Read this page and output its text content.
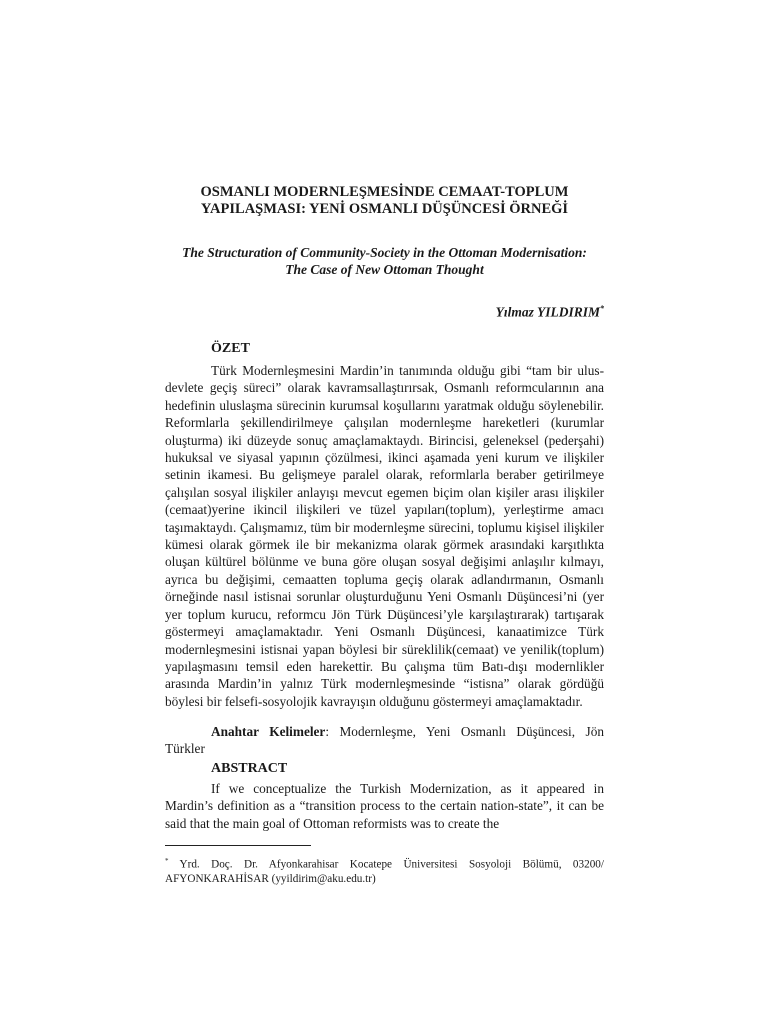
OSMANLI MODERNLEŞMESİNDE CEMAAT-TOPLUM
YAPILAŞMASI: YENİ OSMANLI DÜŞÜNCESİ ÖRNEĞİ
The Structuration of Community-Society in the Ottoman Modernisation:
The Case of New Ottoman Thought
Yılmaz YILDIRIM*
ÖZET
Türk Modernleşmesini Mardin’in tanımında olduğu gibi “tam bir ulus-devlete geçiş süreci” olarak kavramsallaştırırsak, Osmanlı reformcularının ana hedefinin uluslaşma sürecinin kurumsal koşullarını yaratmak olduğu söylenebilir. Reformlarla şekillendirilmeye çalışılan modernleşme hareketleri (kurumlar oluşturma) iki düzeyde sonuç amaçlamaktaydı. Birincisi, geleneksel (pederşahi) hukuksal ve siyasal yapının çözülmesi, ikinci aşamada yeni kurum ve ilişkiler setinin ikamesi. Bu gelişmeye paralel olarak, reformlarla beraber getirilmeye çalışılan sosyal ilişkiler anlayışı mevcut egemen biçim olan kişiler arası ilişkiler (cemaat)yerine ikincil ilişkileri ve tüzel yapıları(toplum), yerleştirme amacı taşımaktaydı. Çalışmamız, tüm bir modernleşme sürecini, toplumu kişisel ilişkiler kümesi olarak görmek ile bir mekanizma olarak görmek arasındaki karşıtlıkta oluşan kültürel bölünme ve buna göre oluşan sosyal değişimi anlaşılır kılmayı, ayrıca bu değişimi, cemaatten topluma geçiş olarak adlandırmanın, Osmanlı örneğinde nasıl istisnai sorunlar oluşturduğunu Yeni Osmanlı Düşüncesi’ni (yer yer toplum kurucu, reformcu Jön Türk Düşüncesi’yle karşılaştırarak) tartışarak göstermeyi amaçlamaktadır. Yeni Osmanlı Düşüncesi, kanaatimizce Türk modernleşmesini istisnai yapan böylesi bir süreklilik(cemaat) ve yenilik(toplum) yapılaşmasını temsil eden harekettir. Bu çalışma tüm Batı-dışı modernlikler arasında Mardin’in yalnız Türk modernleşmesinde “istisna” olarak gördüğü böylesi bir felsefi-sosyolojik kavrayışın olduğunu göstermeyi amaçlamaktadır.
Anahtar Kelimeler: Modernleşme, Yeni Osmanlı Düşüncesi, Jön Türkler
ABSTRACT
If we conceptualize the Turkish Modernization, as it appeared in Mardin’s definition as a “transition process to the certain nation-state”, it can be said that the main goal of Ottoman reformists was to create the
* Yrd. Doç. Dr. Afyonkarahisar Kocatepe Üniversitesi Sosyoloji Bölümü, 03200/ AFYONKARAHİSAR (yyildirim@aku.edu.tr)
